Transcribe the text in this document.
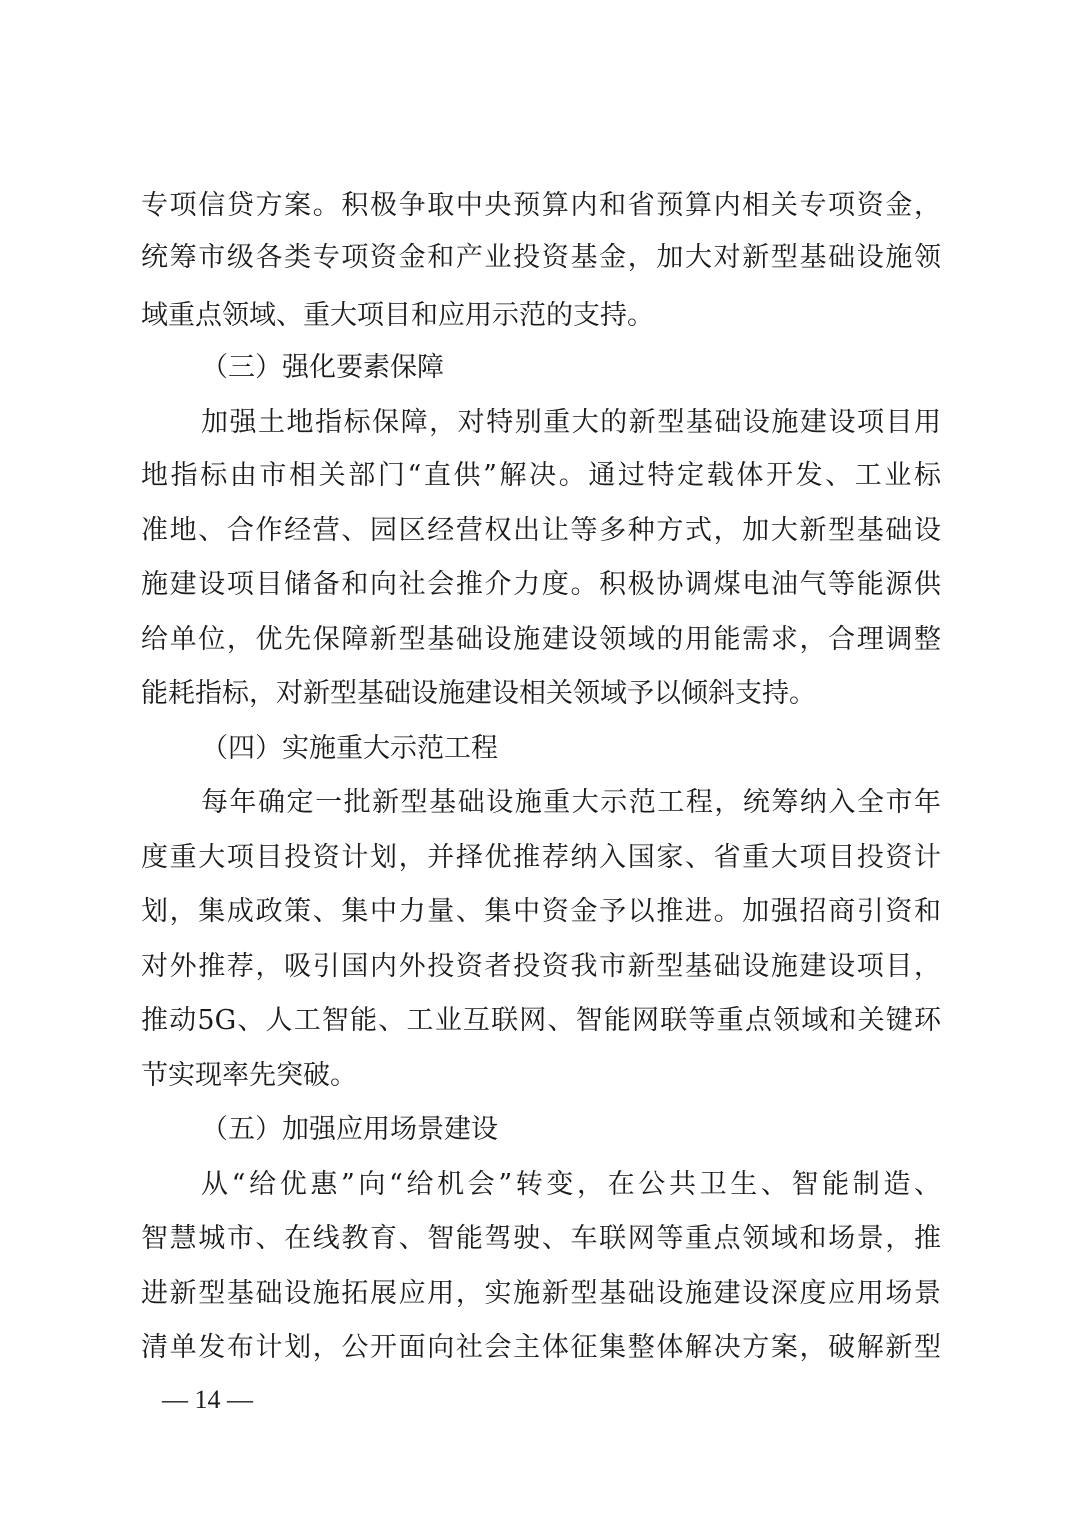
专项信贷方案。积极争取中央预算内和省预算内相关专项资金，
统筹市级各类专项资金和产业投资基金，加大对新型基础设施领
域重点领域、重大项目和应用示范的支持。
（三）强化要素保障
加强土地指标保障，对特别重大的新型基础设施建设项目用
地指标由市相关部门“直供”解决。通过特定载体开发、工业标
准地、合作经营、园区经营权出让等多种方式，加大新型基础设
施建设项目储备和向社会推介力度。积极协调煤电油气等能源供
给单位，优先保障新型基础设施建设领域的用能需求，合理调整
能耗指标，对新型基础设施建设相关领域予以倾斜支持。
（四）实施重大示范工程
每年确定一批新型基础设施重大示范工程，统筹纳入全市年
度重大项目投资计划，并择优推荐纳入国家、省重大项目投资计
划，集成政策、集中力量、集中资金予以推进。加强招商引资和
对外推荐，吸引国内外投资者投资我市新型基础设施建设项目，
推动5G、人工智能、工业互联网、智能网联等重点领域和关键环
节实现率先突破。
（五）加强应用场景建设
从“给优惠”向“给机会”转变，在公共卫生、智能制造、
智慧城市、在线教育、智能驾驶、车联网等重点领域和场景，推
进新型基础设施拓展应用，实施新型基础设施建设深度应用场景
清单发布计划，公开面向社会主体征集整体解决方案，破解新型
— 14 —
